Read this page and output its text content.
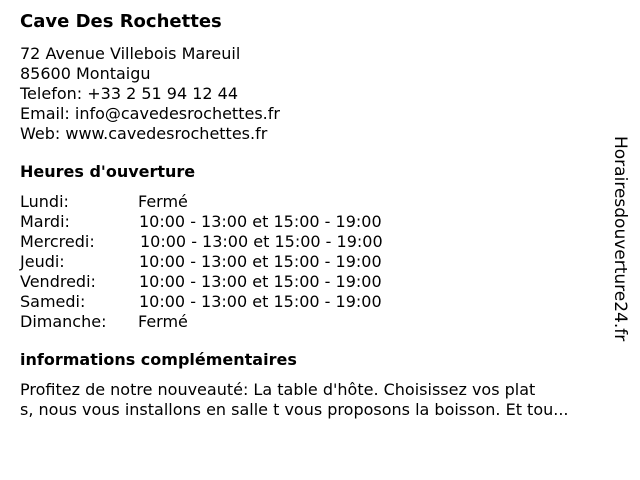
Cave Des Rochettes
72 Avenue Villebois Mareuil
85600 Montaigu
Telefon: +33 2 51 94 12 44
Email: info@cavedesrochettes.fr
Web: www.cavedesrochettes.fr
Heures d'ouverture
Lundi:	Fermé
Mardi:	10:00 - 13:00 et 15:00 - 19:00
Mercredi:	10:00 - 13:00 et 15:00 - 19:00
Jeudi:	10:00 - 13:00 et 15:00 - 19:00
Vendredi:	10:00 - 13:00 et 15:00 - 19:00
Samedi:	10:00 - 13:00 et 15:00 - 19:00
Dimanche:	Fermé
informations complémentaires
Profitez de notre nouveauté: La table d'hôte. Choisissez vos plat
s, nous vous installons en salle t vous proposons la boisson. Et tou...
Horairesdouverture24.fr
